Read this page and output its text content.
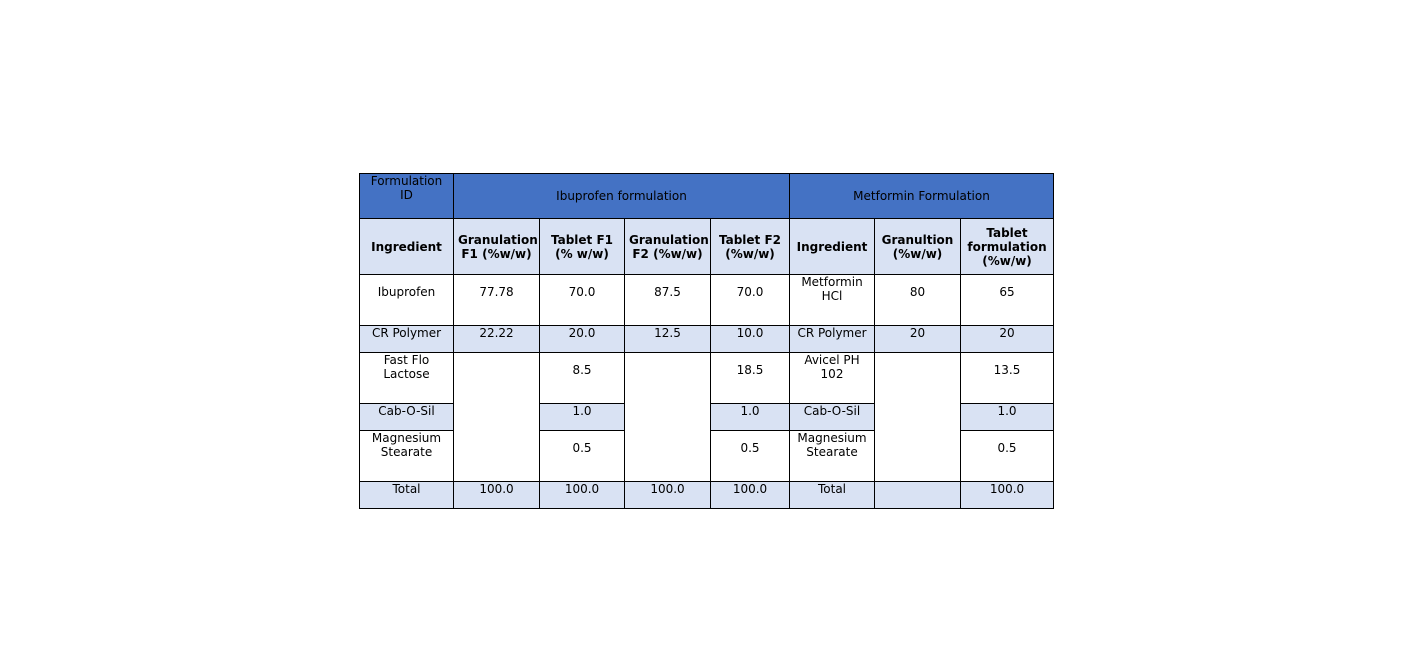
Formulation ID	Ibuprofen formulation				Metformin Formulation		
Ingredient	Granulation F1 (%w/w)	Tablet F1 (% w/w)	Granulation F2 (%w/w)	Tablet F2 (%w/w)	Ingredient	Granultion (%w/w)	Tablet formulation (%w/w)
Ibuprofen	77.78	70.0	87.5	70.0	Metformin HCl	80	65
CR Polymer	22.22	20.0	12.5	10.0	CR Polymer	20	20
Fast Flo Lactose		8.5		18.5	Avicel PH 102		13.5
Cab-O-Sil		1.0		1.0	Cab-O-Sil		1.0
Magnesium Stearate		0.5		0.5	Magnesium Stearate		0.5
Total	100.0	100.0	100.0	100.0	Total		100.0
